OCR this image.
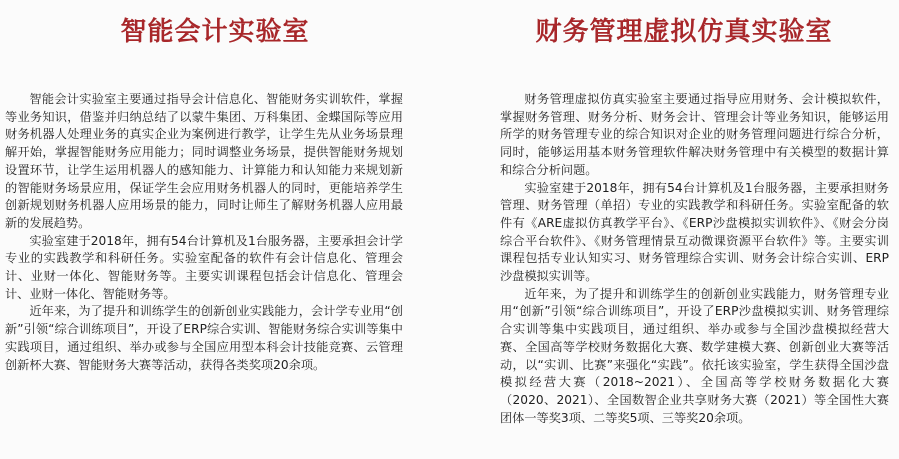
智能会计实验室

智能会计实验室主要通过指导会计信息化、智能财务实训软件，掌握等业务知识，借鉴并归纳总结了以蒙牛集团、万科集团、金蝶国际等应用财务机器人处理业务的真实企业为案例进行教学，让学生先从业务场景理解开始，掌握智能财务应用能力；同时调整业务场景，提供智能财务规划设置环节，让学生运用机器人的感知能力、计算能力和认知能力来规划新的智能财务场景应用，保证学生会应用财务机器人的同时，更能培养学生创新规划财务机器人应用场景的能力，同时让师生了解财务机器人应用最新的发展趋势。

实验室建于2018年，拥有54台计算机及1台服务器，主要承担会计学专业的实践教学和科研任务。实验室配备的软件有会计信息化、管理会计、业财一体化、智能财务等。主要实训课程包括会计信息化、管理会计、业财一体化、智能财务等。

近年来，为了提升和训练学生的创新创业实践能力，会计学专业用“创新”引领“综合训练项目”，开设了ERP综合实训、智能财务综合实训等集中实践项目，通过组织、举办或参与全国应用型本科会计技能竞赛、云管理创新杯大赛、智能财务大赛等活动，获得各类奖项20余项。

财务管理虚拟仿真实验室

财务管理虚拟仿真实验室主要通过指导应用财务、会计模拟软件，掌握财务管理、财务分析、财务会计、管理会计等业务知识，能够运用所学的财务管理专业的综合知识对企业的财务管理问题进行综合分析，同时，能够运用基本财务管理软件解决财务管理中有关模型的数据计算和综合分析问题。

实验室建于2018年，拥有54台计算机及1台服务器，主要承担财务管理、财务管理（单招）专业的实践教学和科研任务。实验室配备的软件有《ARE虚拟仿真教学平台》、《ERP沙盘模拟实训软件》、《财会分岗综合平台软件》、《财务管理情景互动微课资源平台软件》等。主要实训课程包括专业认知实习、财务管理综合实训、财务会计综合实训、ERP沙盘模拟实训等。

近年来，为了提升和训练学生的创新创业实践能力，财务管理专业用“创新”引领“综合训练项目”，开设了ERP沙盘模拟实训、财务管理综合实训等集中实践项目，通过组织、举办或参与全国沙盘模拟经营大赛、全国高等学校财务数据化大赛、数学建模大赛、创新创业大赛等活动，以“实训、比赛”来强化“实践”。依托该实验室，学生获得全国沙盘模拟经营大赛（2018~2021）、全国高等学校财务数据化大赛（2020、2021）、全国数智企业共享财务大赛（2021）等全国性大赛团体一等奖3项、二等奖5项、三等奖20余项。
